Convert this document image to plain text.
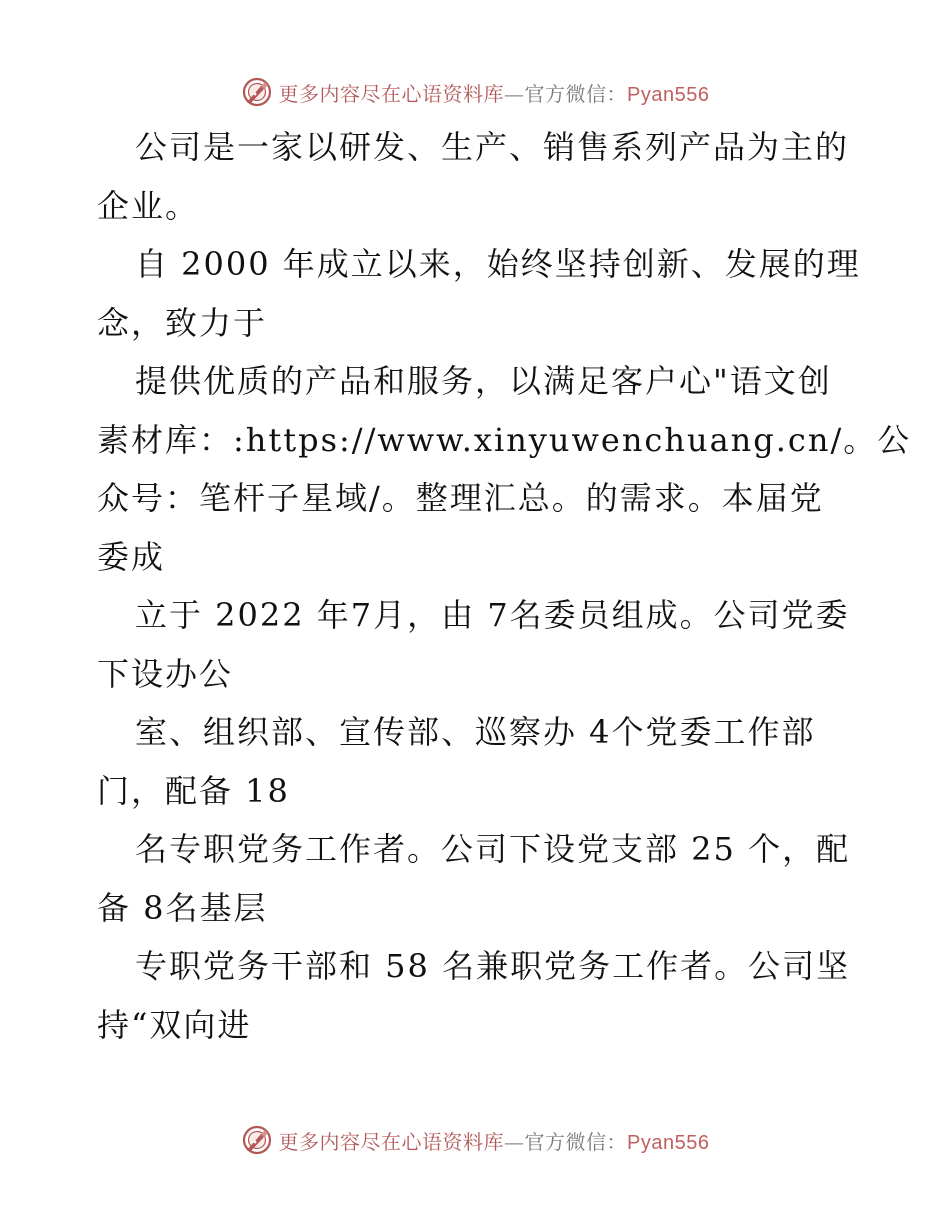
更多内容尽在心语资料库—官方微信：Pyan556
公司是一家以研发、生产、销售系列产品为主的
企业。
自 2000 年成立以来，始终坚持创新、发展的理
念，致力于
提供优质的产品和服务，以满足客户心"语文创
素材库：:https://www.xinyuwenchuang.cn/。公
众号：笔杆子星域/。整理汇总。的需求。本届党
委成
立于 2022 年7月，由 7名委员组成。公司党委
下设办公
室、组织部、宣传部、巡察办 4个党委工作部
门，配备 18
名专职党务工作者。公司下设党支部 25 个，配
备 8名基层
专职党务干部和 58 名兼职党务工作者。公司坚
持“双向进
更多内容尽在心语资料库—官方微信：Pyan556
